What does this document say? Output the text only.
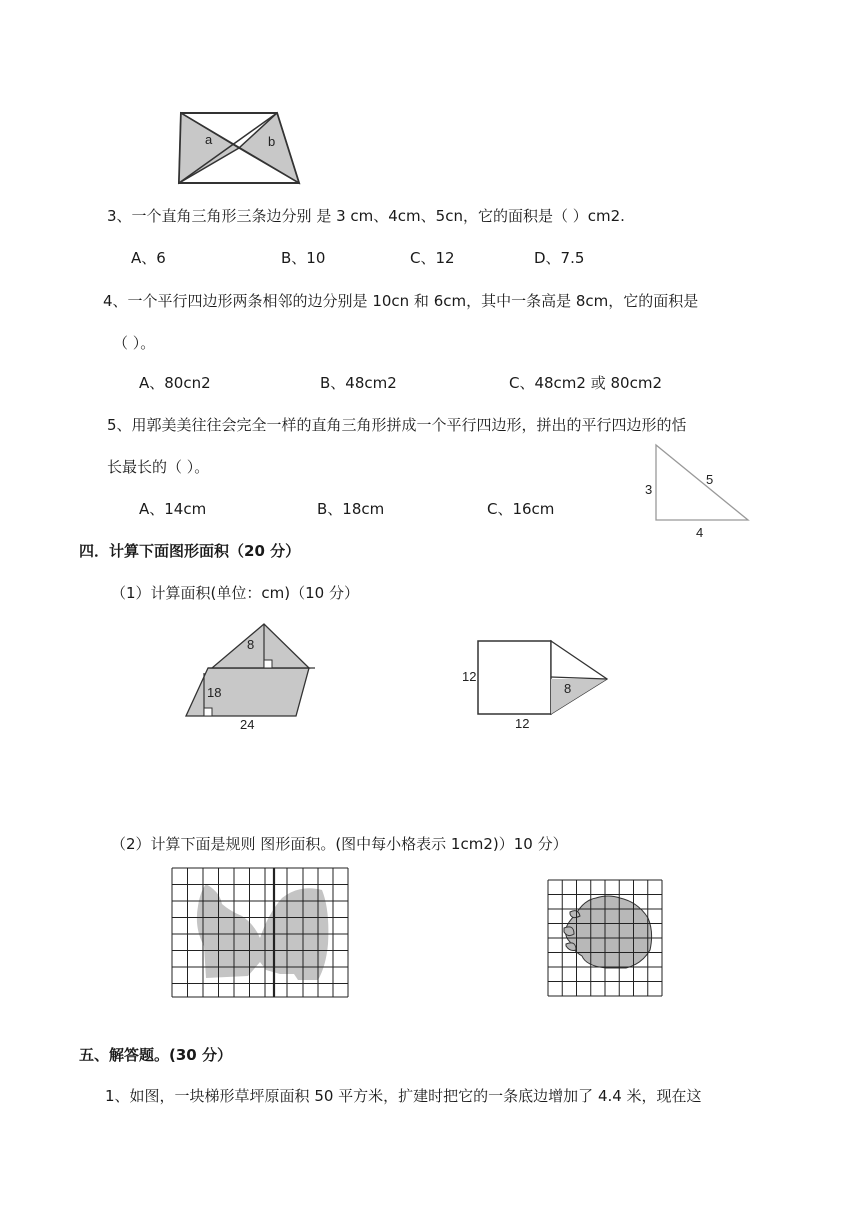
a	b
3、一个直角三角形三条边分别 是 3 cm、4cm、5cn，它的面积是（ ）cm2.
A、6	B、10	C、12	D、7.5
4、一个平行四边形两条相邻的边分别是 10cn 和 6cm，其中一条高是 8cm，它的面积是
（ ）。
A、80cn2	B、48cm2	C、48cm2 或 80cm2
5、用郭美美往往会完全一样的直角三角形拼成一个平行四边形，拼出的平行四边形的恬
长最长的（ ）。
A、14cm	B、18cm	C、16cm
3
5
4
四．计算下面图形面积（20 分）
（1）计算面积(单位：cm)（10 分）
8
18
24
12
8
12
（2）计算下面是规则 图形面积。(图中每小格表示 1cm2)）10 分）
五、解答题。(30 分）
1、如图，一块梯形草坪原面积 50 平方米，扩建时把它的一条底边增加了 4.4 米，现在这
